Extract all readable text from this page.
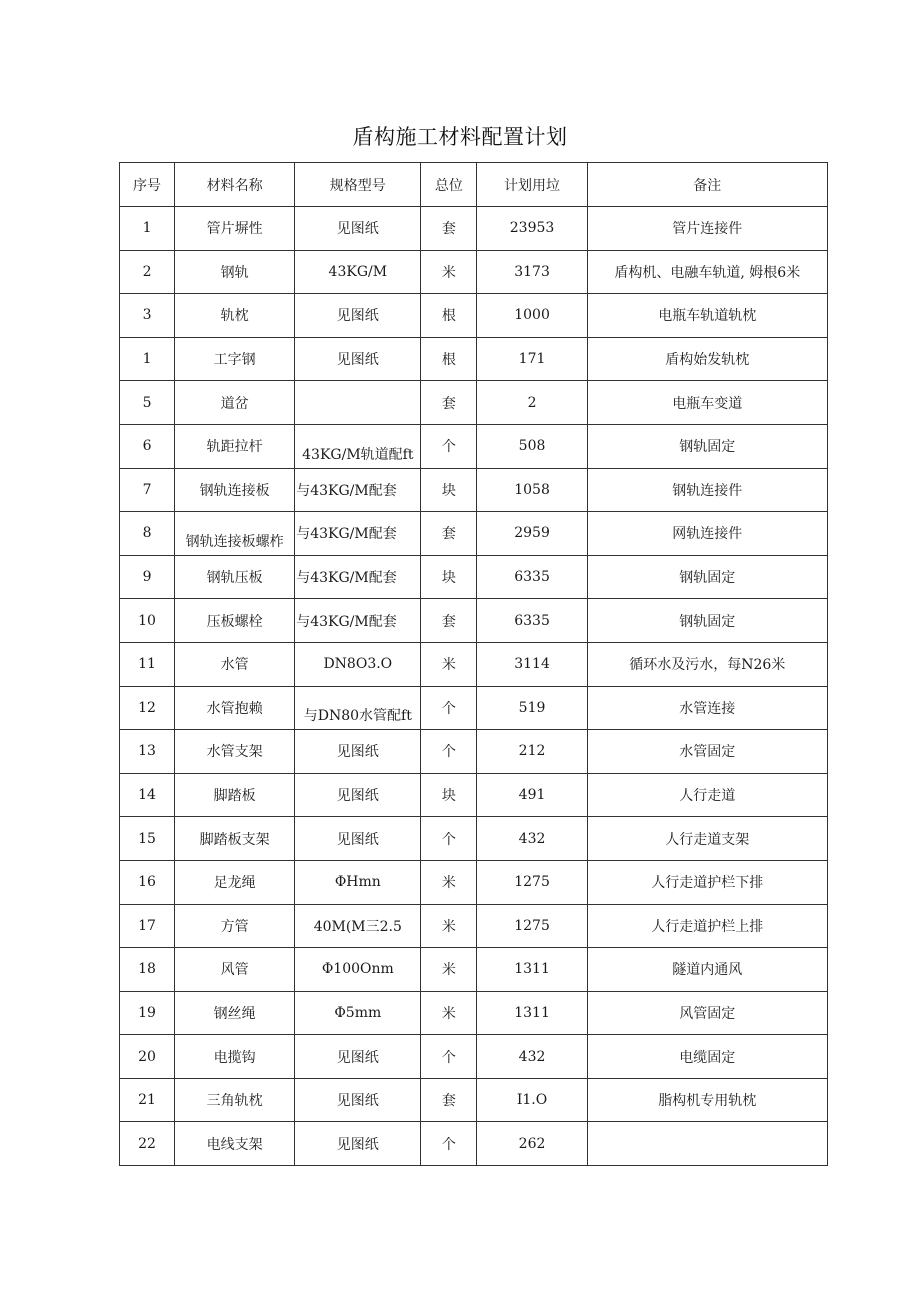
盾构施工材料配置计划
序号	材料名称	规格型号	总位	计划用垃	备注
1	管片塀性	见图纸	套	23953	管片连接件
2	钢轨	43KG/M	米	3173	盾构机、电融车轨道, 姆根6米
3	轨枕	见图纸	根	1000	电瓶车轨道轨枕
1	工字钢	见图纸	根	171	盾构始发轨枕
5	道岔		套	2	电瓶车变道
6	轨距拉杆	43KG/M轨道配ft	个	508	钢轨固定
7	钢轨连接板	与43KG/M配套	块	1058	钢轨连接件
8	钢轨连接板螺柞	与43KG/M配套	套	2959	网轨连接件
9	钢轨压板	与43KG/M配套	块	6335	钢轨固定
10	压板螺栓	与43KG/M配套	套	6335	钢轨固定
11	水管	DN8O3.O	米	3114	循环水及污水，每N26米
12	水管抱赖	与DN80水管配ft	个	519	水管连接
13	水管支架	见图纸	个	212	水管固定
14	脚踏板	见图纸	块	491	人行走道
15	脚踏板支架	见图纸	个	432	人行走道支架
16	足龙绳	ΦHmn	米	1275	人行走道护栏下排
17	方管	40M(M三2.5	米	1275	人行走道护栏上排
18	风管	Φ100Onm	米	1311	隧道内通风
19	钢丝绳	Φ5mm	米	1311	风管固定
20	电揽钩	见图纸	个	432	电缆固定
21	三角轨枕	见图纸	套	I1.O	脂构机专用轨枕
22	电线支架	见图纸	个	262	
